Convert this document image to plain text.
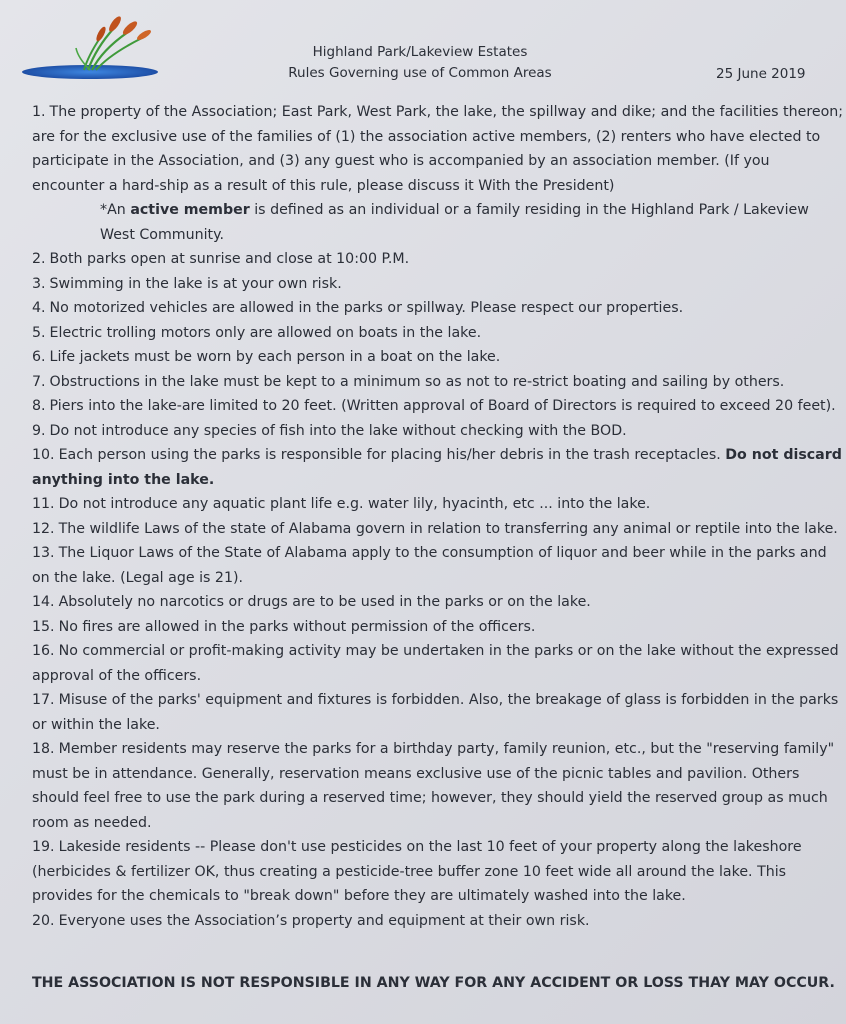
Highland Park/Lakeview Estates
Rules Governing use of Common Areas	25 June 2019

1. The property of the Association; East Park, West Park, the lake, the spillway and dike; and the facilities thereon; are for the exclusive use of the families of (1) the association active members, (2) renters who have elected to participate in the Association, and (3) any guest who is accompanied by an association member. (If you encounter a hard-ship as a result of this rule, please discuss it With the President)

*An active member is defined as an individual or a family residing in the Highland Park / Lakeview West Community.

2. Both parks open at sunrise and close at 10:00 P.M.

3. Swimming in the lake is at your own risk.

4. No motorized vehicles are allowed in the parks or spillway. Please respect our properties.

5. Electric trolling motors only are allowed on boats in the lake.

6. Life jackets must be worn by each person in a boat on the lake.

7. Obstructions in the lake must be kept to a minimum so as not to re-strict boating and sailing by others.

8. Piers into the lake-are limited to 20 feet. (Written approval of Board of Directors is required to exceed 20 feet).

9. Do not introduce any species of fish into the lake without checking with the BOD.

10. Each person using the parks is responsible for placing his/her debris in the trash receptacles. Do not discard anything into the lake.

11. Do not introduce any aquatic plant life e.g. water lily, hyacinth, etc ... into the lake.

12. The wildlife Laws of the state of Alabama govern in relation to transferring any animal or reptile into the lake.

13. The Liquor Laws of the State of Alabama apply to the consumption of liquor and beer while in the parks and on the lake. (Legal age is 21).

14. Absolutely no narcotics or drugs are to be used in the parks or on the lake.

15. No fires are allowed in the parks without permission of the officers.

16. No commercial or profit-making activity may be undertaken in the parks or on the lake without the expressed approval of the officers.

17. Misuse of the parks' equipment and fixtures is forbidden. Also, the breakage of glass is forbidden in the parks or within the lake.

18. Member residents may reserve the parks for a birthday party, family reunion, etc., but the "reserving family" must be in attendance. Generally, reservation means exclusive use of the picnic tables and pavilion. Others should feel free to use the park during a reserved time; however, they should yield the reserved group as much room as needed.

19. Lakeside residents -- Please don't use pesticides on the last 10 feet of your property along the lakeshore (herbicides & fertilizer OK, thus creating a pesticide-tree buffer zone 10 feet wide all around the lake. This provides for the chemicals to "break down" before they are ultimately washed into the lake.

20. Everyone uses the Association’s property and equipment at their own risk.

THE ASSOCIATION IS NOT RESPONSIBLE IN ANY WAY FOR ANY ACCIDENT OR LOSS THAY MAY OCCUR.
